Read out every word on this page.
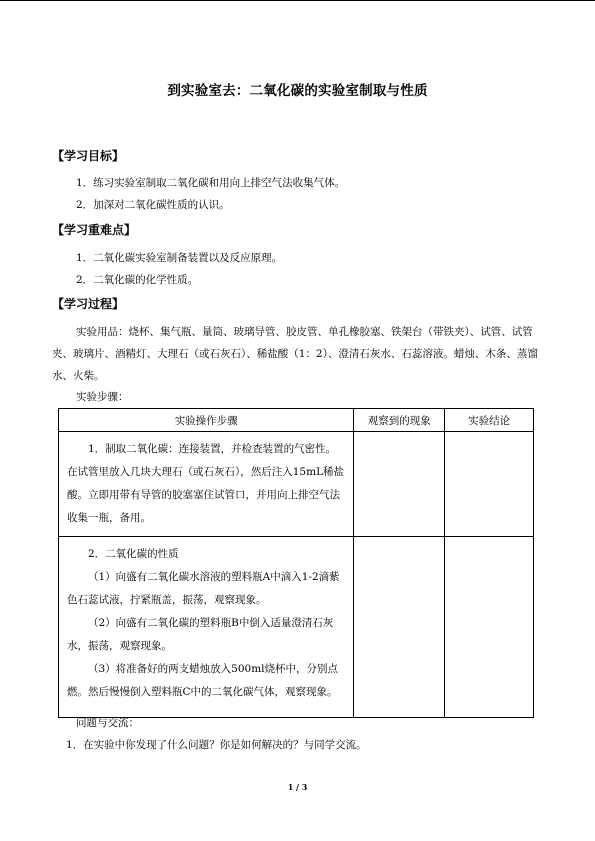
到实验室去：二氧化碳的实验室制取与性质
【学习目标】
1．练习实验室制取二氧化碳和用向上排空气法收集气体。
2．加深对二氧化碳性质的认识。
【学习重难点】
1．二氧化碳实验室制备装置以及反应原理。
2．二氧化碳的化学性质。
【学习过程】
实验用品：烧杯、集气瓶、量筒、玻璃导管、胶皮管、单孔橡胶塞、铁架台（带铁夹）、试管、试管夹、玻璃片、酒精灯、大理石（或石灰石）、稀盐酸（1：2）、澄清石灰水、石蕊溶液。蜡烛、木条、蒸馏水、火柴。
实验步骤：
实验操作步骤	观察到的现象	实验结论

1．制取二氧化碳：连接装置，并检查装置的气密性。在试管里放入几块大理石（或石灰石），然后注入15mL稀盐酸。立即用带有导管的胶塞塞住试管口，并用向上排空气法收集一瓶，备用。		

2．二氧化碳的性质
（1）向盛有二氧化碳水溶液的塑料瓶A中滴入1-2滴紫色石蕊试液，拧紧瓶盖，振荡，观察现象。
（2）向盛有二氧化碳的塑料瓶B中倒入适量澄清石灰水，振荡，观察现象。
（3）将准备好的两支蜡烛放入500ml烧杯中，分别点燃。然后慢慢倒入塑料瓶C中的二氧化碳气体，观察现象。		

问题与交流：
1．在实验中你发现了什么问题？你是如何解决的？与同学交流。
1 / 3
